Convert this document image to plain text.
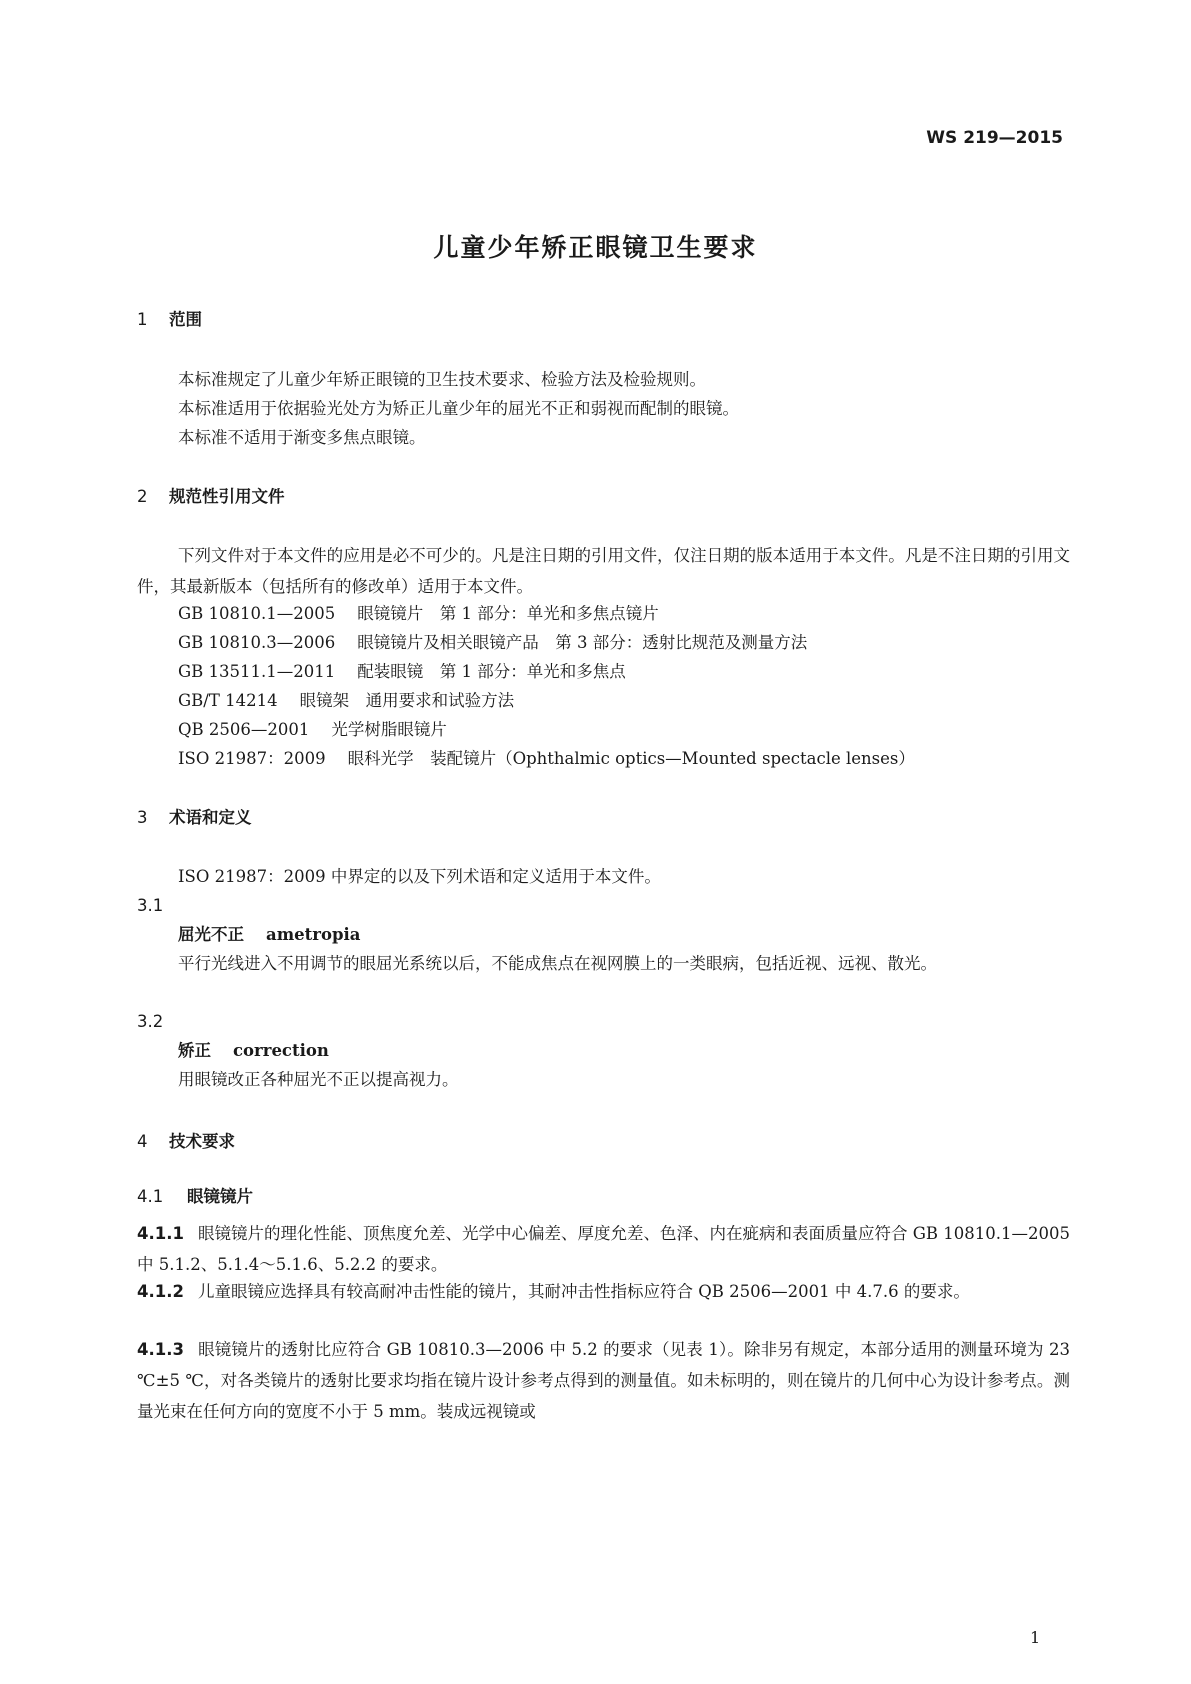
WS 219—2015
儿童少年矫正眼镜卫生要求
1 范围
本标准规定了儿童少年矫正眼镜的卫生技术要求、检验方法及检验规则。
本标准适用于依据验光处方为矫正儿童少年的屈光不正和弱视而配制的眼镜。
本标准不适用于渐变多焦点眼镜。
2 规范性引用文件
下列文件对于本文件的应用是必不可少的。凡是注日期的引用文件，仅注日期的版本适用于本文件。凡是不注日期的引用文件，其最新版本（包括所有的修改单）适用于本文件。
GB 10810.1—2005 眼镜镜片　第 1 部分：单光和多焦点镜片
GB 10810.3—2006 眼镜镜片及相关眼镜产品　第 3 部分：透射比规范及测量方法
GB 13511.1—2011 配装眼镜　第 1 部分：单光和多焦点
GB/T 14214 眼镜架　通用要求和试验方法
QB 2506—2001 光学树脂眼镜片
ISO 21987：2009 眼科光学　装配镜片（Ophthalmic optics—Mounted spectacle lenses）
3 术语和定义
ISO 21987：2009 中界定的以及下列术语和定义适用于本文件。
3.1
屈光不正 ametropia
平行光线进入不用调节的眼屈光系统以后，不能成焦点在视网膜上的一类眼病，包括近视、远视、散光。
3.2
矫正 correction
用眼镜改正各种屈光不正以提高视力。
4 技术要求
4.1 眼镜镜片
4.1.1 眼镜镜片的理化性能、顶焦度允差、光学中心偏差、厚度允差、色泽、内在疵病和表面质量应符合 GB 10810.1—2005 中 5.1.2、5.1.4～5.1.6、5.2.2 的要求。
4.1.2 儿童眼镜应选择具有较高耐冲击性能的镜片，其耐冲击性指标应符合 QB 2506—2001 中 4.7.6 的要求。
4.1.3 眼镜镜片的透射比应符合 GB 10810.3—2006 中 5.2 的要求（见表 1）。除非另有规定，本部分适用的测量环境为 23 ℃±5 ℃，对各类镜片的透射比要求均指在镜片设计参考点得到的测量值。如未标明的，则在镜片的几何中心为设计参考点。测量光束在任何方向的宽度不小于 5 mm。装成远视镜或
1
